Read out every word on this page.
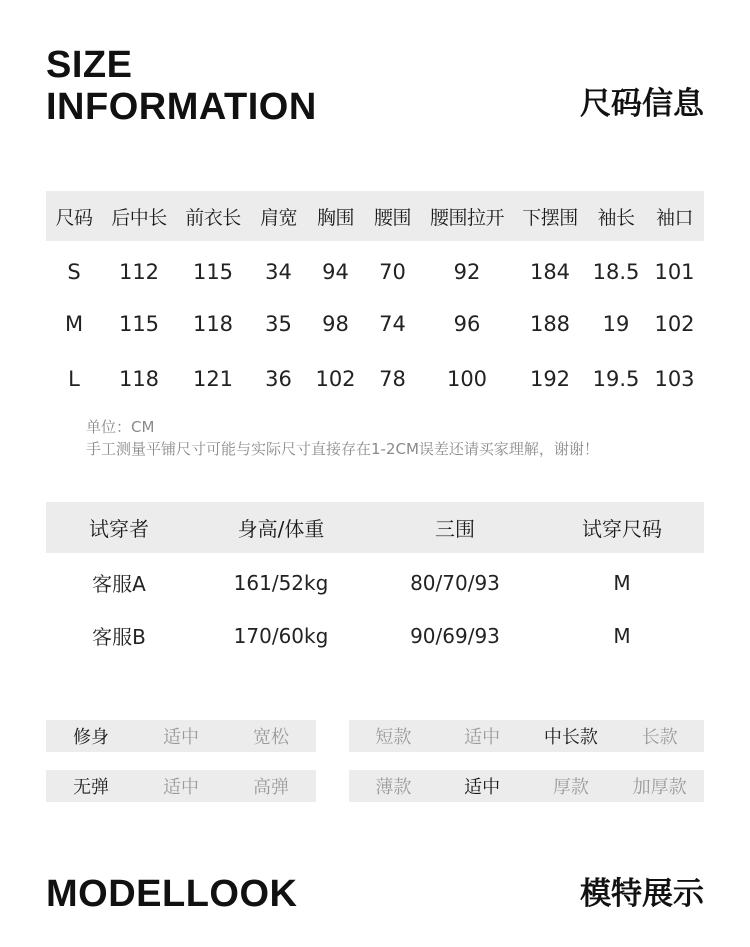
SIZE
INFORMATION	尺码信息
尺码	后中长	前衣长	肩宽	胸围	腰围	腰围拉开	下摆围	袖长	袖口
S	112	115	34	94	70	92	184	18.5	101
M	115	118	35	98	74	96	188	19	102
L	118	121	36	102	78	100	192	19.5	103
单位：CM
手工测量平铺尺寸可能与实际尺寸直接存在1-2CM误差还请买家理解，谢谢！
试穿者	身高/体重	三围	试穿尺码
客服A	161/52kg	80/70/93	M
客服B	170/60kg	90/69/93	M
修身	适中	宽松	短款	适中	中长款	长款
无弹	适中	高弹	薄款	适中	厚款	加厚款
MODELLOOK	模特展示
